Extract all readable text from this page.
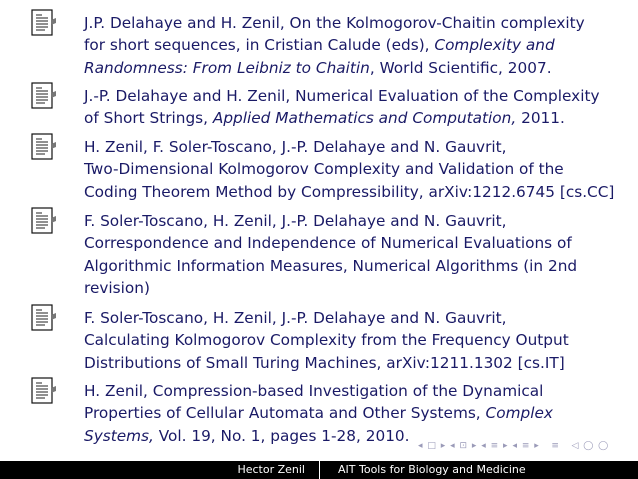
J.P. Delahaye and H. Zenil, On the Kolmogorov-Chaitin complexity
for short sequences, in Cristian Calude (eds), Complexity and
Randomness: From Leibniz to Chaitin, World Scientific, 2007.
J.-P. Delahaye and H. Zenil, Numerical Evaluation of the Complexity
of Short Strings, Applied Mathematics and Computation, 2011.
H. Zenil, F. Soler-Toscano, J.-P. Delahaye and N. Gauvrit,
Two-Dimensional Kolmogorov Complexity and Validation of the
Coding Theorem Method by Compressibility, arXiv:1212.6745 [cs.CC]
F. Soler-Toscano, H. Zenil, J.-P. Delahaye and N. Gauvrit,
Correspondence and Independence of Numerical Evaluations of
Algorithmic Information Measures, Numerical Algorithms (in 2nd
revision)
F. Soler-Toscano, H. Zenil, J.-P. Delahaye and N. Gauvrit,
Calculating Kolmogorov Complexity from the Frequency Output
Distributions of Small Turing Machines, arXiv:1211.1302 [cs.IT]
H. Zenil, Compression-based Investigation of the Dynamical
Properties of Cellular Automata and Other Systems, Complex
Systems, Vol. 19, No. 1, pages 1-28, 2010.
◂ □ ▸ ◂ ⊡ ▸ ◂ ≡ ▸ ◂ ≡ ▸   ≡   ◁ ◯ ◯
Hector Zenil	AIT Tools for Biology and Medicine
